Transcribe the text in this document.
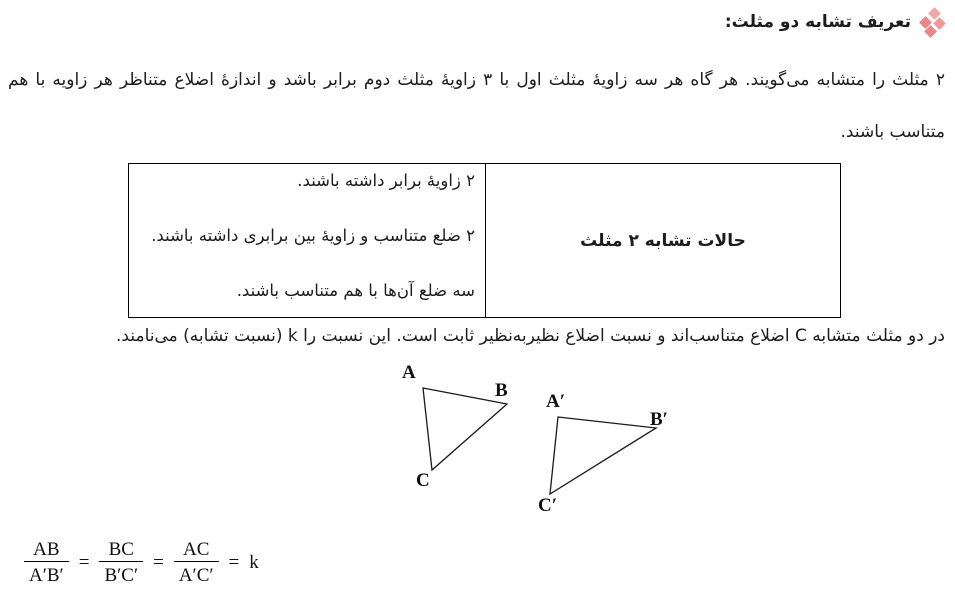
تعریف تشابه دو مثلث:
۲ مثلث را متشابه می‌گویند. هر گاه هر سه زاویهٔ مثلث اول با ۳ زاویهٔ مثلث دوم برابر باشد و اندازهٔ اضلاع متناظر هر زاویه با هم
متناسب باشند.
۲ زاویهٔ برابر داشته باشند.
۲ ضلع متناسب و زاویهٔ بین برابری داشته باشند.
سه ضلع آن‌ها با هم متناسب باشند.
حالات تشابه ۲ مثلث
در دو مثلث متشابه C اضلاع متناسب‌اند و نسبت اضلاع نظیربه‌نظیر ثابت است. این نسبت را k (نسبت تشابه) می‌نامند.
A
B
C
A′
B′
C′
$\frac{AB}{A'B'} = \frac{BC}{B'C'} = \frac{AC}{A'C'} = k$
